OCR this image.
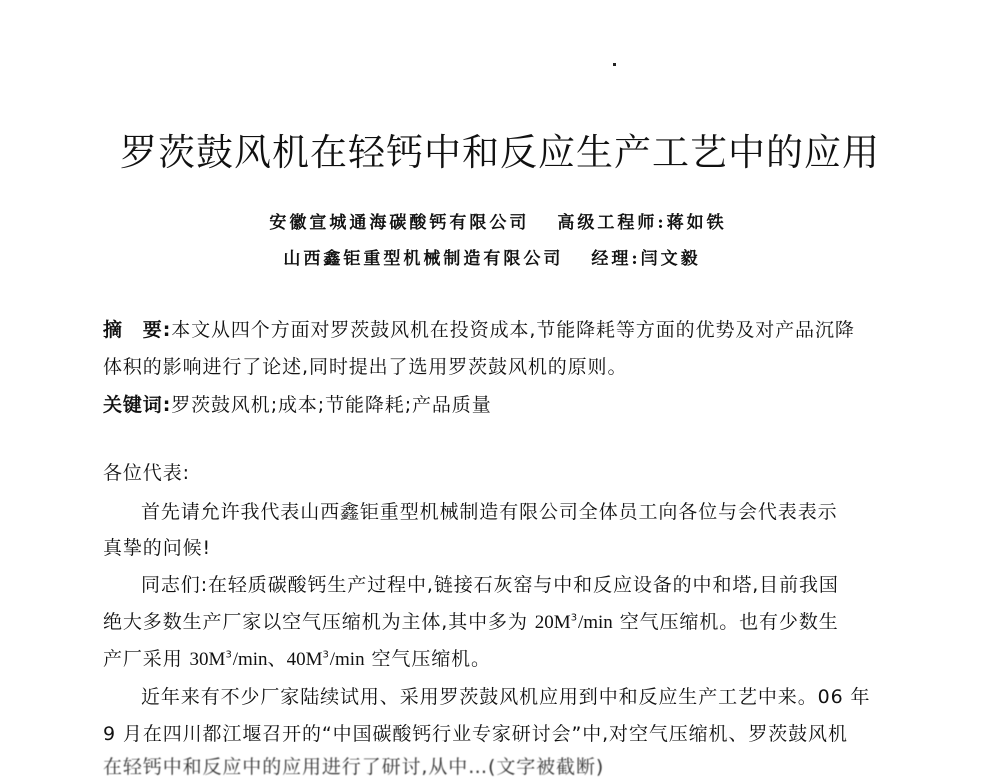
罗茨鼓风机在轻钙中和反应生产工艺中的应用
安徽宣城通海碳酸钙有限公司 高级工程师:蒋如铁
山西鑫钜重型机械制造有限公司 经理:闫文毅
摘　要:本文从四个方面对罗茨鼓风机在投资成本,节能降耗等方面的优势及对产品沉降
体积的影响进行了论述,同时提出了选用罗茨鼓风机的原则。
关键词:罗茨鼓风机;成本;节能降耗;产品质量
各位代表:
首先请允许我代表山西鑫钜重型机械制造有限公司全体员工向各位与会代表表示
真挚的问候!
同志们:在轻质碳酸钙生产过程中,链接石灰窑与中和反应设备的中和塔,目前我国
绝大多数生产厂家以空气压缩机为主体,其中多为 $20M^3/\min$ 空气压缩机。也有少数生
产厂采用 $30M^3/\min$、$40M^3/\min$ 空气压缩机。
近年来有不少厂家陆续试用、采用罗茨鼓风机应用到中和反应生产工艺中来。06 年
9 月在四川都江堰召开的“中国碳酸钙行业专家研讨会”中,对空气压缩机、罗茨鼓风机
在轻钙中和反应中的应用进行了研讨,从中…(文字被截断)
